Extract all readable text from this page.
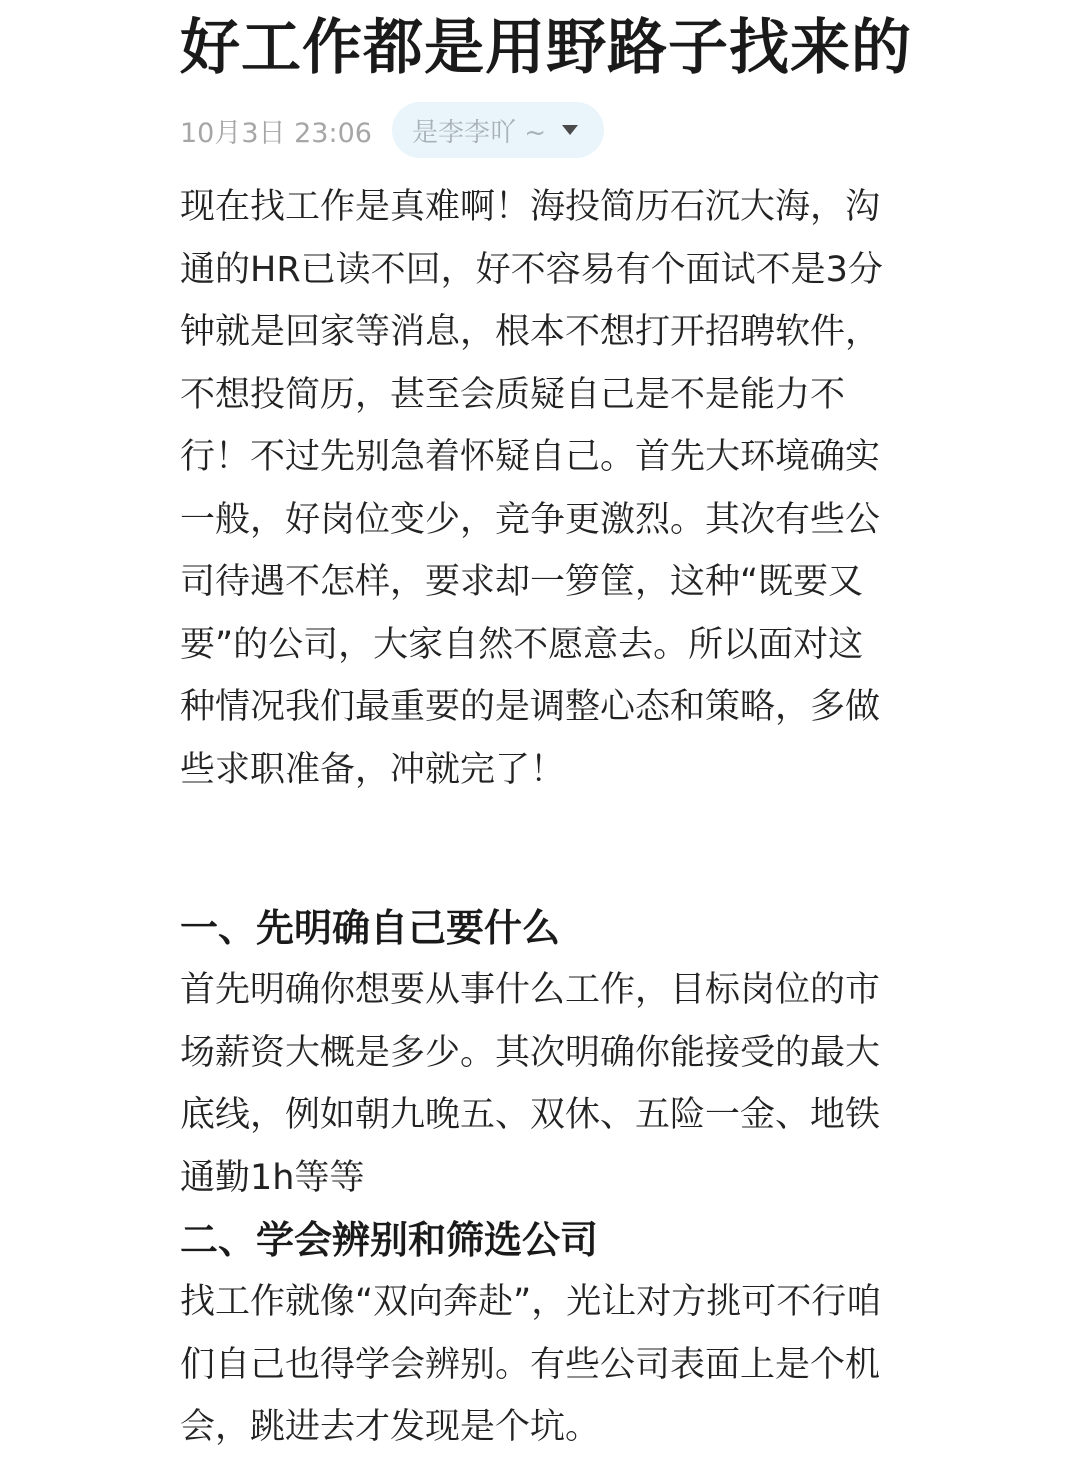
好工作都是用野路子找来的
10月3日 23:06 是李李吖 ~

现在找工作是真难啊！海投简历石沉大海，沟通的HR已读不回，好不容易有个面试不是3分钟就是回家等消息，根本不想打开招聘软件，不想投简历，甚至会质疑自己是不是能力不行！不过先别急着怀疑自己。首先大环境确实一般，好岗位变少，竞争更激烈。其次有些公司待遇不怎样，要求却一箩筐，这种“既要又要”的公司，大家自然不愿意去。所以面对这种情况我们最重要的是调整心态和策略，多做些求职准备，冲就完了！

一、先明确自己要什么

首先明确你想要从事什么工作，目标岗位的市场薪资大概是多少。其次明确你能接受的最大底线，例如朝九晚五、双休、五险一金、地铁通勤1h等等

二、学会辨别和筛选公司

找工作就像“双向奔赴”，光让对方挑可不行咱们自己也得学会辨别。有些公司表面上是个机会，跳进去才发现是个坑。
